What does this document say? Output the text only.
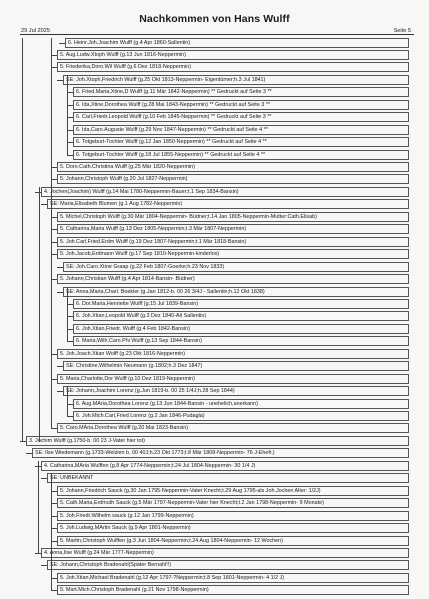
Nachkommen von Hans Wulff
29 Jul 2025	Seite 5
6. Heinr.Joh.Joachim Wulff (g.4 Apr 1860-Sallentin)
5. Aug.Ludw.Xtoph Wulff (g.13 Jun 1816-Neppermin)
5. Friederika,Doro.Wil Wulff (g.6 Dez 1818-Neppermin)
SE: Joh.Xtoph,Friedrich Wulff (g.25 Okt 1813-Neppermin- Eigentümer;h.3 Jul 1841)
6. Fried.Maria,Xtine,D Wulff (g.11 Mär 1842-Neppermin) ** Gedruckt auf Seite 3 **
6. Ida,Xtine,Dorothea Wulff (g.28 Mai 1843-Neppermin) ** Gedruckt auf Seite 3 **
6. Carl,Friedr.Leopold Wulff (g.10 Feb 1845-Neppermin) ** Gedruckt auf Seite 3 **
6. Ida,Caro.Auguste Wulff (g.29 Nov 1847-Neppermin) ** Gedruckt auf Seite 4 **
6. Totgeburt-Tochter Wulff (g.12 Jan 1850-Neppermin) ** Gedruckt auf Seite 4 **
6. Totgeburt-Tochter Wulff (g.18 Jul 1855-Neppermin) ** Gedruckt auf Seite 4 **
5. Doro.Cath.Christina Wulff (g.25 Mär 1820-Neppermin)
5. Johann,Christoph Wulff (g.20 Jul 1827-Neppermin)
4. Jochen(Joachim) Wulff (g.14 Mai 1780-Neppermin-Bauer;t.1 Sep 1834-Bansin)
SE: Maria,Elisabeth Blumen (g.1 Aug 1782-Neppermin)
5. Michel,Christoph Wulff (g.30 Mär 1804-Neppermin- Büdner;t.14 Jan 1805-Neppermin-Mutter:Cath.Elisab)
5. Catharina,Maria Wulff (g.13 Dez 1805-Neppermin;t.3 Mär 1807-Neppermin)
5. Joh.Carl,Fried.Erdm Wulff (g.19 Dez 1807-Neppermin;t.1 Mär 1818-Bansin)
5. Joh.Jacob,Erdmann Wulff (g.17 Sep 1810-Neppermin-kinderlos)
SE: Joh.Caro.Xtine Graap (g.22 Feb 1807-Goerke;h.23 Nov 1833)
5. Johann,Christian Wulff (g.4 Apr 1814-Bansin- Büdner)
SE: Anna,Maria,Charl. Boekler (g.Jan 1812-b. 00 26 3/4J - Sallentin;h.12 Okt 1838)
6. Dor.Maria,Henriette Wulff (g.15 Jul 1839-Bansin)
6. Joh.Xtian,Leopold Wulff (g.3 Dez 1840-Alt Sallentin)
6. Joh.Xtian,Friedr. Wulff (g.4 Feb 1842-Bansin)
6. Maria,Wilh.Caro.Phi Wulff (g.13 Sep 1844-Bansin)
5. Joh.Joach.Xtian Wolff (g.23 Okt 1816-Neppermin)
SE: Christine,Wilhelmin Neumann (g.1802;h.3 Dez 1847)
5. Maria,Charlotte,Dor Wulff (g.10 Dez 1819-Neppermin)
SE: Johann,Joachim Lorenz (g.Jun 1819-b. 00 25 1/4J;h.28 Sep 1844)
6. Aug.MAria,Dorothea Lorenz (g.13 Jun 1844-Bansin - unehelich,anerkann)
6. Joh.Mich.Carl,Fried Lorenz (g.2 Jan 1846-Pudagla)
5. Caro.MAria,Dorothea Wulff (g.20 Mai 1823-Bansin)
3. Jochim Wulff (g.1750-b. 00 23 J-Vater hier tot)
SE: Ilse Wiedemann (g.1733-Welzien b. 00 40J;h.23 Okt 1773;t.8 Mär 1808-Neppermin- 76 J-Ehefr.)
4. Catharina,MAria Wulffen (g.8 Apr 1774-Neppermin;t.24 Jul 1804-Neppermin- 30 1/4 J)
SE: UNBEKANNT
5. Johann,Friedrich Sauck (g.30 Jan 1795-Neppermin-Vater Knecht;t.29 Aug 1795-als Joh.Jochen Alter: 1/2J)
5. Cath.Maria,Erdmuth Sauck (g.5 Mär 1797-Neppermin-Vater hier Knecht;t.2 Jan 1798-Neppermin- 9 Monate)
5. Joh.Friedr.Wilhelm sauck (g.12 Jan 1799-Neppermin)
5. Joh.Ludwig,MArtin Sauck (g.9 Apr 1801-Neppermin)
5. Martin,Christoph Wulffen (g.3 Jun 1804-Neppermin;t.24 Aug 1804-Neppermin- 12 Wochen)
4. Anna,Ilse Wulff (g.24 Mär 1777-Neppermin)
SE: Johann,Christoph Bradenahl(Später Bernahl!!)
5. Joh.Xtian,Michael Bradenahl (g.12 Apr 1797-?Neppermin;t.8 Sep 1801-Neppermin- 4 1/2 J)
5. Mart.Mich.Christoph Bradenahl (g.21 Nov 1798-Neppermin)
